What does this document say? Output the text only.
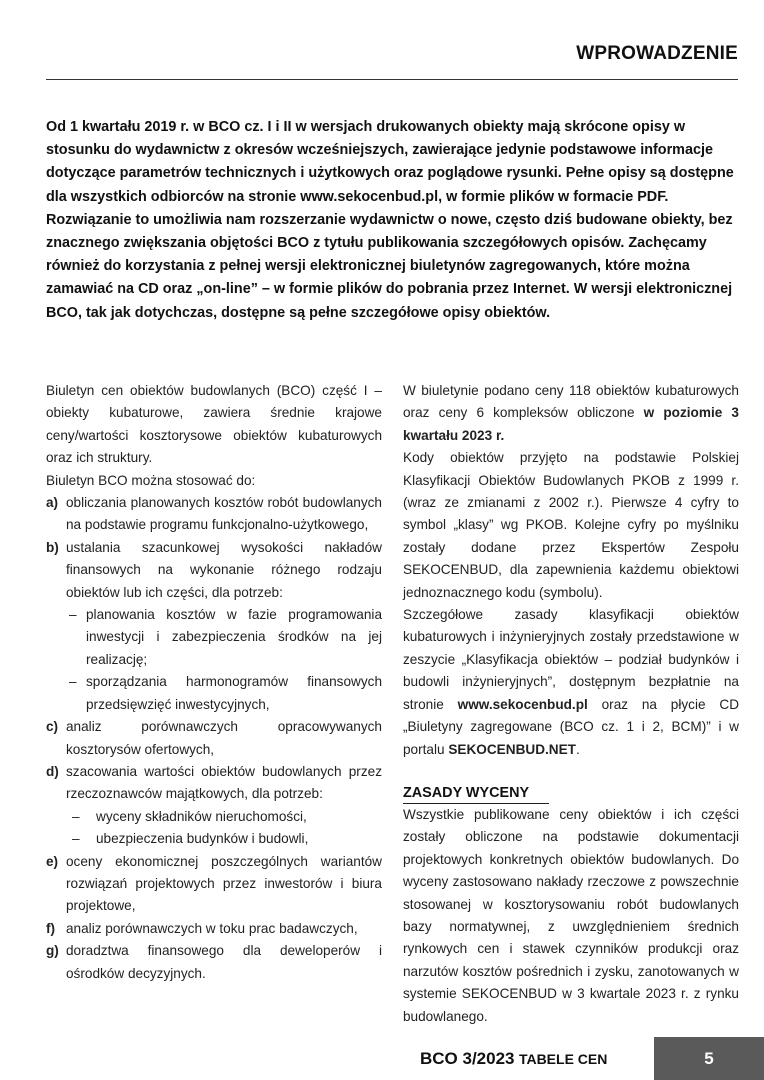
WPROWADZENIE

Od 1 kwartału 2019 r. w BCO cz. I i II w wersjach drukowanych obiekty mają skrócone opisy w stosunku do wydawnictw z okresów wcześniejszych, zawierające jedynie podstawowe informacje dotyczące parametrów technicznych i użytkowych oraz poglądowe rysunki. Pełne opisy są dostępne dla wszystkich odbiorców na stronie www.sekocenbud.pl, w formie plików w formacie PDF. Rozwiązanie to umożliwia nam rozszerzanie wydawnictw o nowe, często dziś budowane obiekty, bez znacznego zwiększania objętości BCO z tytułu publikowania szczegółowych opisów. Zachęcamy również do korzystania z pełnej wersji elektronicznej biuletynów zagregowanych, które można zamawiać na CD oraz „on-line” – w formie plików do pobrania przez Internet. W wersji elektronicznej BCO, tak jak dotychczas, dostępne są pełne szczegółowe opisy obiektów.

Biuletyn cen obiektów budowlanych (BCO) część I – obiekty kubaturowe, zawiera średnie krajowe ceny/wartości kosztorysowe obiektów kubaturowych oraz ich struktury.

Biuletyn BCO można stosować do:

a) obliczania planowanych kosztów robót budowlanych na podstawie programu funkcjonalno-użytkowego,
b) ustalania szacunkowej wysokości nakładów finansowych na wykonanie różnego rodzaju obiektów lub ich części, dla potrzeb:
– planowania kosztów w fazie programowania inwestycji i zabezpieczenia środków na jej realizację;
– sporządzania harmonogramów finansowych przedsięwzięć inwestycyjnych,
c) analiz porównawczych opracowywanych kosztorysów ofertowych,
d) szacowania wartości obiektów budowlanych przez rzeczoznawców majątkowych, dla potrzeb:
– wyceny składników nieruchomości,
– ubezpieczenia budynków i budowli,
e) oceny ekonomicznej poszczególnych wariantów rozwiązań projektowych przez inwestorów i biura projektowe,
f) analiz porównawczych w toku prac badawczych,
g) doradztwa finansowego dla deweloperów i ośrodków decyzyjnych.

W biuletynie podano ceny 118 obiektów kubaturowych oraz ceny 6 kompleksów obliczone w poziomie 3 kwartału 2023 r.

Kody obiektów przyjęto na podstawie Polskiej Klasyfikacji Obiektów Budowlanych PKOB z 1999 r. (wraz ze zmianami z 2002 r.). Pierwsze 4 cyfry to symbol „klasy” wg PKOB. Kolejne cyfry po myślniku zostały dodane przez Ekspertów Zespołu SEKOCENBUD, dla zapewnienia każdemu obiektowi jednoznacznego kodu (symbolu).

Szczegółowe zasady klasyfikacji obiektów kubaturowych i inżynieryjnych zostały przedstawione w zeszycie „Klasyfikacja obiektów – podział budynków i budowli inżynieryjnych”, dostępnym bezpłatnie na stronie www.sekocenbud.pl oraz na płycie CD „Biuletyny zagregowane (BCO cz. 1 i 2, BCM)” i w portalu SEKOCENBUD.NET.

ZASADY WYCENY

Wszystkie publikowane ceny obiektów i ich części zostały obliczone na podstawie dokumentacji projektowych konkretnych obiektów budowlanych. Do wyceny zastosowano nakłady rzeczowe z powszechnie stosowanej w kosztorysowaniu robót budowlanych bazy normatywnej, z uwzględnieniem średnich rynkowych cen i stawek czynników produkcji oraz narzutów kosztów pośrednich i zysku, zanotowanych w systemie SEKOCENBUD w 3 kwartale 2023 r. z rynku budowlanego.

BCO 3/2023 TABELE CEN	5
